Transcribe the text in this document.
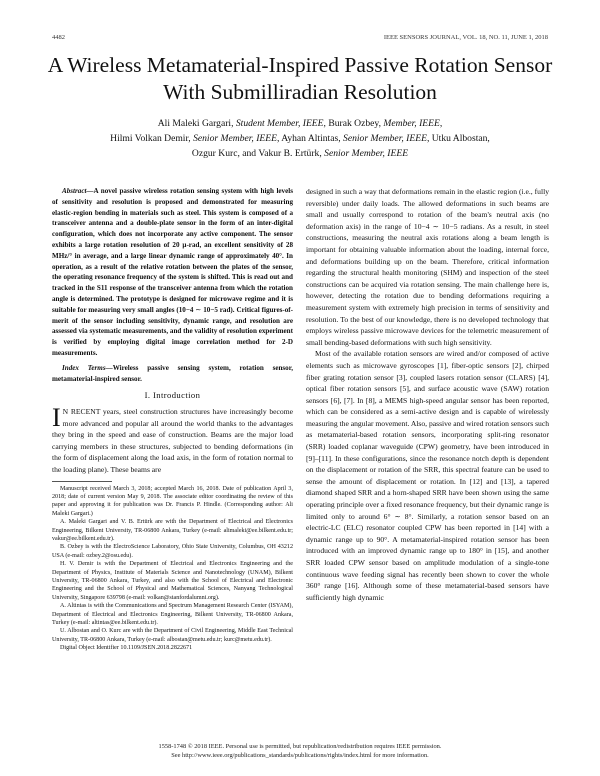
4482	IEEE SENSORS JOURNAL, VOL. 18, NO. 11, JUNE 1, 2018
A Wireless Metamaterial-Inspired Passive Rotation Sensor With Submilliradian Resolution
Ali Maleki Gargari, Student Member, IEEE, Burak Ozbey, Member, IEEE,
Hilmi Volkan Demir, Senior Member, IEEE, Ayhan Altintas, Senior Member, IEEE, Utku Albostan,
Ozgur Kurc, and Vakur B. Ertürk, Senior Member, IEEE

Abstract—A novel passive wireless rotation sensing system with high levels of sensitivity and resolution is proposed and demonstrated for measuring elastic-region bending in materials such as steel. This system is composed of a transceiver antenna and a double-plate sensor in the form of an inter-digital configuration, which does not incorporate any active component. The sensor exhibits a large rotation resolution of 20 μ-rad, an excellent sensitivity of 28 MHz/° in average, and a large linear dynamic range of approximately 40°. In operation, as a result of the relative rotation between the plates of the sensor, the operating resonance frequency of the system is shifted. This is read out and tracked in the S11 response of the transceiver antenna from which the rotation angle is determined. The prototype is designed for microwave regime and it is suitable for measuring very small angles (10−4 ∼ 10−5 rad). Critical figures-of-merit of the sensor including sensitivity, dynamic range, and resolution are assessed via systematic measurements, and the validity of resolution experiment is verified by employing digital image correlation method for 2-D measurements.

Index Terms—Wireless passive sensing system, rotation sensor, metamaterial-inspired sensor.

I. Introduction

IN RECENT years, steel construction structures have increasingly become more advanced and popular all around the world thanks to the advantages they bring in the speed and ease of construction. Beams are the major load carrying members in these structures, subjected to bending deformations (in the form of displacement along the load axis, in the form of rotation normal to the loading plane). These beams are

Manuscript received March 3, 2018; accepted March 16, 2018. Date of publication April 3, 2018; date of current version May 9, 2018. The associate editor coordinating the review of this paper and approving it for publication was Dr. Francis P. Hindle. (Corresponding author: Ali Maleki Gargari.)

A. Maleki Gargari and V. B. Ertürk are with the Department of Electrical and Electronics Engineering, Bilkent University, TR-06800 Ankara, Turkey (e-mail: alimaleki@ee.bilkent.edu.tr; vakur@ee.bilkent.edu.tr).

B. Ozbey is with the ElectroScience Laboratory, Ohio State University, Columbus, OH 43212 USA (e-mail: ozbey.2@osu.edu).

H. V. Demir is with the Department of Electrical and Electronics Engineering and the Department of Physics, Institute of Materials Science and Nanotechnology (UNAM), Bilkent University, TR-06800 Ankara, Turkey, and also with the School of Electrical and Electronic Engineering and the School of Physical and Mathematical Sciences, Nanyang Technological University, Singapore 639798 (e-mail: volkan@stanfordalumni.org).

A. Altintas is with the Communications and Spectrum Management Research Center (ISYAM), Department of Electrical and Electronics Engineering, Bilkent University, TR-06800 Ankara, Turkey (e-mail: altintas@ee.bilkent.edu.tr).

U. Albostan and O. Kurc are with the Department of Civil Engineering, Middle East Technical University, TR-06800 Ankara, Turkey (e-mail: albostan@metu.edu.tr; kurc@metu.edu.tr).

Digital Object Identifier 10.1109/JSEN.2018.2822671

designed in such a way that deformations remain in the elastic region (i.e., fully reversible) under daily loads. The allowed deformations in such beams are small and usually correspond to rotation of the beam's neutral axis (no deformation axis) in the range of 10−4 ∼ 10−5 radians. As a result, in steel constructions, measuring the neutral axis rotations along a beam length is important for obtaining valuable information about the loading, internal force, and deformations building up on the beam. Therefore, critical information regarding the structural health monitoring (SHM) and inspection of the steel constructions can be acquired via rotation sensing. The main challenge here is, however, detecting the rotation due to bending deformations requiring a measurement system with extremely high precision in terms of sensitivity and resolution. To the best of our knowledge, there is no developed technology that employs wireless passive microwave devices for the telemetric measurement of small bending-based deformations with such high sensitivity.

Most of the available rotation sensors are wired and/or composed of active elements such as microwave gyroscopes [1], fiber-optic sensors [2], chirped fiber grating rotation sensor [3], coupled lasers rotation sensor (CLARS) [4], optical fiber rotation sensors [5], and surface acoustic wave (SAW) rotation sensors [6], [7]. In [8], a MEMS high-speed angular sensor has been reported, which can be considered as a semi-active design and is capable of wirelessly measuring the angular movement. Also, passive and wired rotation sensors such as metamaterial-based rotation sensors, incorporating split-ring resonator (SRR) loaded coplanar waveguide (CPW) geometry, have been introduced in [9]–[11]. In these configurations, since the resonance notch depth is dependent on the displacement or rotation of the SRR, this spectral feature can be used to sense the amount of displacement or rotation. In [12] and [13], a tapered diamond shaped SRR and a horn-shaped SRR have been shown using the same operating principle over a fixed resonance frequency, but their dynamic range is limited only to around 6° ∼ 8°. Similarly, a rotation sensor based on an electric-LC (ELC) resonator coupled CPW has been reported in [14] with a dynamic range up to 90°. A metamaterial-inspired rotation sensor has been introduced with an improved dynamic range up to 180° in [15], and another SRR loaded CPW sensor based on amplitude modulation of a single-tone continuous wave feeding signal has recently been shown to cover the whole 360° range [16]. Although some of these metamaterial-based sensors have sufficiently high dynamic

1558-1748 © 2018 IEEE. Personal use is permitted, but republication/redistribution requires IEEE permission.
See http://www.ieee.org/publications_standards/publications/rights/index.html for more information.
